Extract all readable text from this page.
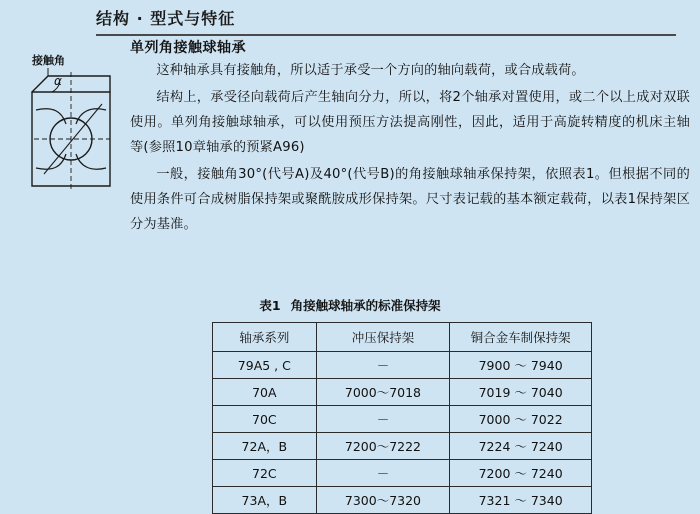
结构 · 型式与特征
单列角接触球轴承
接触角
α

这种轴承具有接触角，所以适于承受一个方向的轴向载荷，或合成载荷。

结构上，承受径向载荷后产生轴向分力，所以，将2个轴承对置使用，或二个以上成对双联使用。单列角接触球轴承，可以使用预压方法提高刚性，因此，适用于高旋转精度的机床主轴等(参照10章轴承的预紧A96)

一般，接触角30°(代号A)及40°(代号B)的角接触球轴承保持架，依照表1。但根据不同的使用条件可合成树脂保持架或聚酰胺成形保持架。尺寸表记载的基本额定载荷，以表1保持架区分为基准。

表1 角接触球轴承的标准保持架
轴承系列	冲压保持架	铜合金车制保持架
79A5 , C	－	7900 ～ 7940
70A	7000～7018	7019 ～ 7040
70C	－	7000 ～ 7022
72A，B	7200～7222	7224 ～ 7240
72C	－	7200 ～ 7240
73A，B	7300～7320	7321 ～ 7340
